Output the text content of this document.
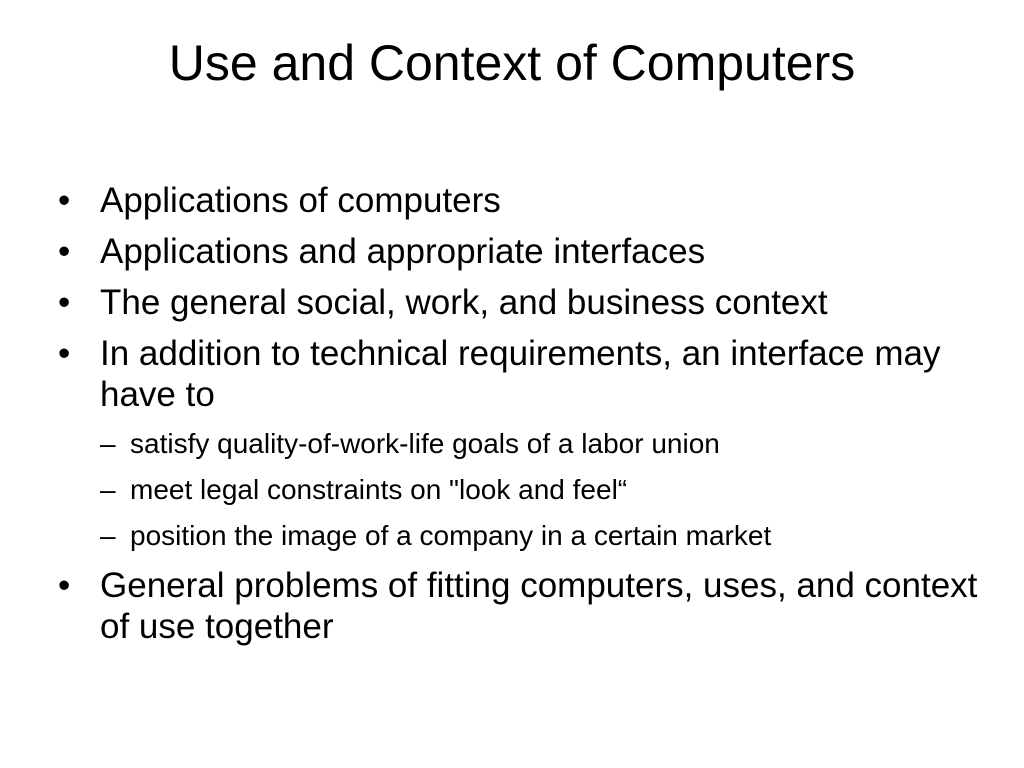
Use and Context of Computers
• Applications of computers
• Applications and appropriate interfaces
• The general social, work, and business context
• In addition to technical requirements, an interface may have to
– satisfy quality-of-work-life goals of a labor union
– meet legal constraints on "look and feel“
– position the image of a company in a certain market
• General problems of fitting computers, uses, and context of use together
